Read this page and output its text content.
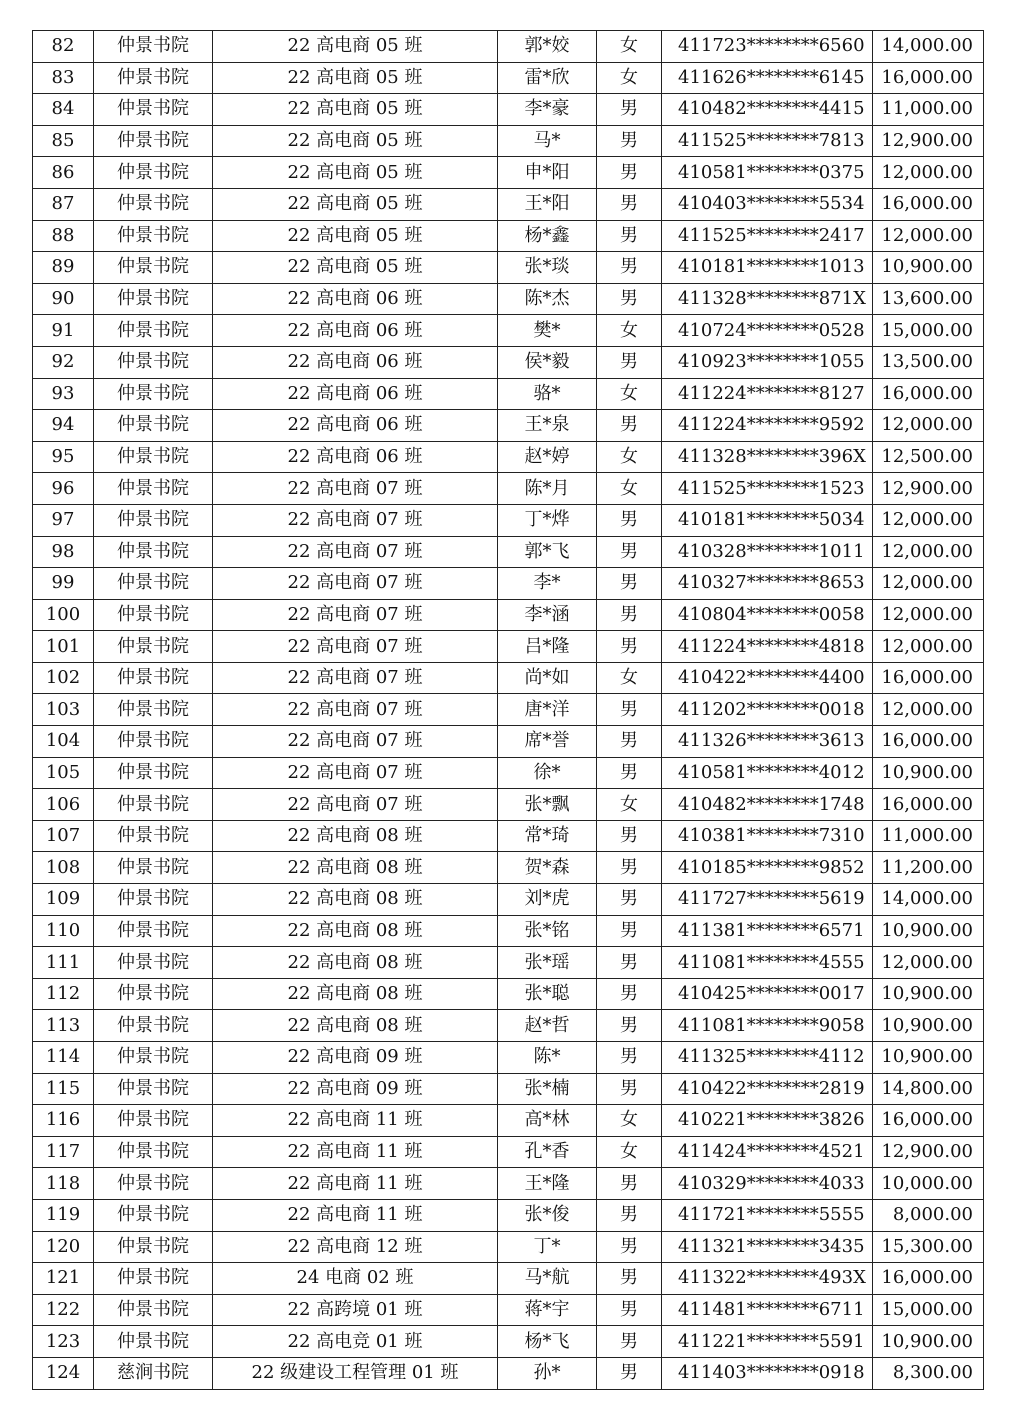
82	仲景书院	22 高电商 05 班	郭*姣	女	411723********6560	14,000.00
83	仲景书院	22 高电商 05 班	雷*欣	女	411626********6145	16,000.00
84	仲景书院	22 高电商 05 班	李*豪	男	410482********4415	11,000.00
85	仲景书院	22 高电商 05 班	马*	男	411525********7813	12,900.00
86	仲景书院	22 高电商 05 班	申*阳	男	410581********0375	12,000.00
87	仲景书院	22 高电商 05 班	王*阳	男	410403********5534	16,000.00
88	仲景书院	22 高电商 05 班	杨*鑫	男	411525********2417	12,000.00
89	仲景书院	22 高电商 05 班	张*琰	男	410181********1013	10,900.00
90	仲景书院	22 高电商 06 班	陈*杰	男	411328********871X	13,600.00
91	仲景书院	22 高电商 06 班	樊*	女	410724********0528	15,000.00
92	仲景书院	22 高电商 06 班	侯*毅	男	410923********1055	13,500.00
93	仲景书院	22 高电商 06 班	骆*	女	411224********8127	16,000.00
94	仲景书院	22 高电商 06 班	王*泉	男	411224********9592	12,000.00
95	仲景书院	22 高电商 06 班	赵*婷	女	411328********396X	12,500.00
96	仲景书院	22 高电商 07 班	陈*月	女	411525********1523	12,900.00
97	仲景书院	22 高电商 07 班	丁*烨	男	410181********5034	12,000.00
98	仲景书院	22 高电商 07 班	郭*飞	男	410328********1011	12,000.00
99	仲景书院	22 高电商 07 班	李*	男	410327********8653	12,000.00
100	仲景书院	22 高电商 07 班	李*涵	男	410804********0058	12,000.00
101	仲景书院	22 高电商 07 班	吕*隆	男	411224********4818	12,000.00
102	仲景书院	22 高电商 07 班	尚*如	女	410422********4400	16,000.00
103	仲景书院	22 高电商 07 班	唐*洋	男	411202********0018	12,000.00
104	仲景书院	22 高电商 07 班	席*誉	男	411326********3613	16,000.00
105	仲景书院	22 高电商 07 班	徐*	男	410581********4012	10,900.00
106	仲景书院	22 高电商 07 班	张*飘	女	410482********1748	16,000.00
107	仲景书院	22 高电商 08 班	常*琦	男	410381********7310	11,000.00
108	仲景书院	22 高电商 08 班	贺*森	男	410185********9852	11,200.00
109	仲景书院	22 高电商 08 班	刘*虎	男	411727********5619	14,000.00
110	仲景书院	22 高电商 08 班	张*铭	男	411381********6571	10,900.00
111	仲景书院	22 高电商 08 班	张*瑶	男	411081********4555	12,000.00
112	仲景书院	22 高电商 08 班	张*聪	男	410425********0017	10,900.00
113	仲景书院	22 高电商 08 班	赵*哲	男	411081********9058	10,900.00
114	仲景书院	22 高电商 09 班	陈*	男	411325********4112	10,900.00
115	仲景书院	22 高电商 09 班	张*楠	男	410422********2819	14,800.00
116	仲景书院	22 高电商 11 班	高*林	女	410221********3826	16,000.00
117	仲景书院	22 高电商 11 班	孔*香	女	411424********4521	12,900.00
118	仲景书院	22 高电商 11 班	王*隆	男	410329********4033	10,000.00
119	仲景书院	22 高电商 11 班	张*俊	男	411721********5555	8,000.00
120	仲景书院	22 高电商 12 班	丁*	男	411321********3435	15,300.00
121	仲景书院	24 电商 02 班	马*航	男	411322********493X	16,000.00
122	仲景书院	22 高跨境 01 班	蒋*宇	男	411481********6711	15,000.00
123	仲景书院	22 高电竞 01 班	杨*飞	男	411221********5591	10,900.00
124	慈涧书院	22 级建设工程管理 01 班	孙*	男	411403********0918	8,300.00
